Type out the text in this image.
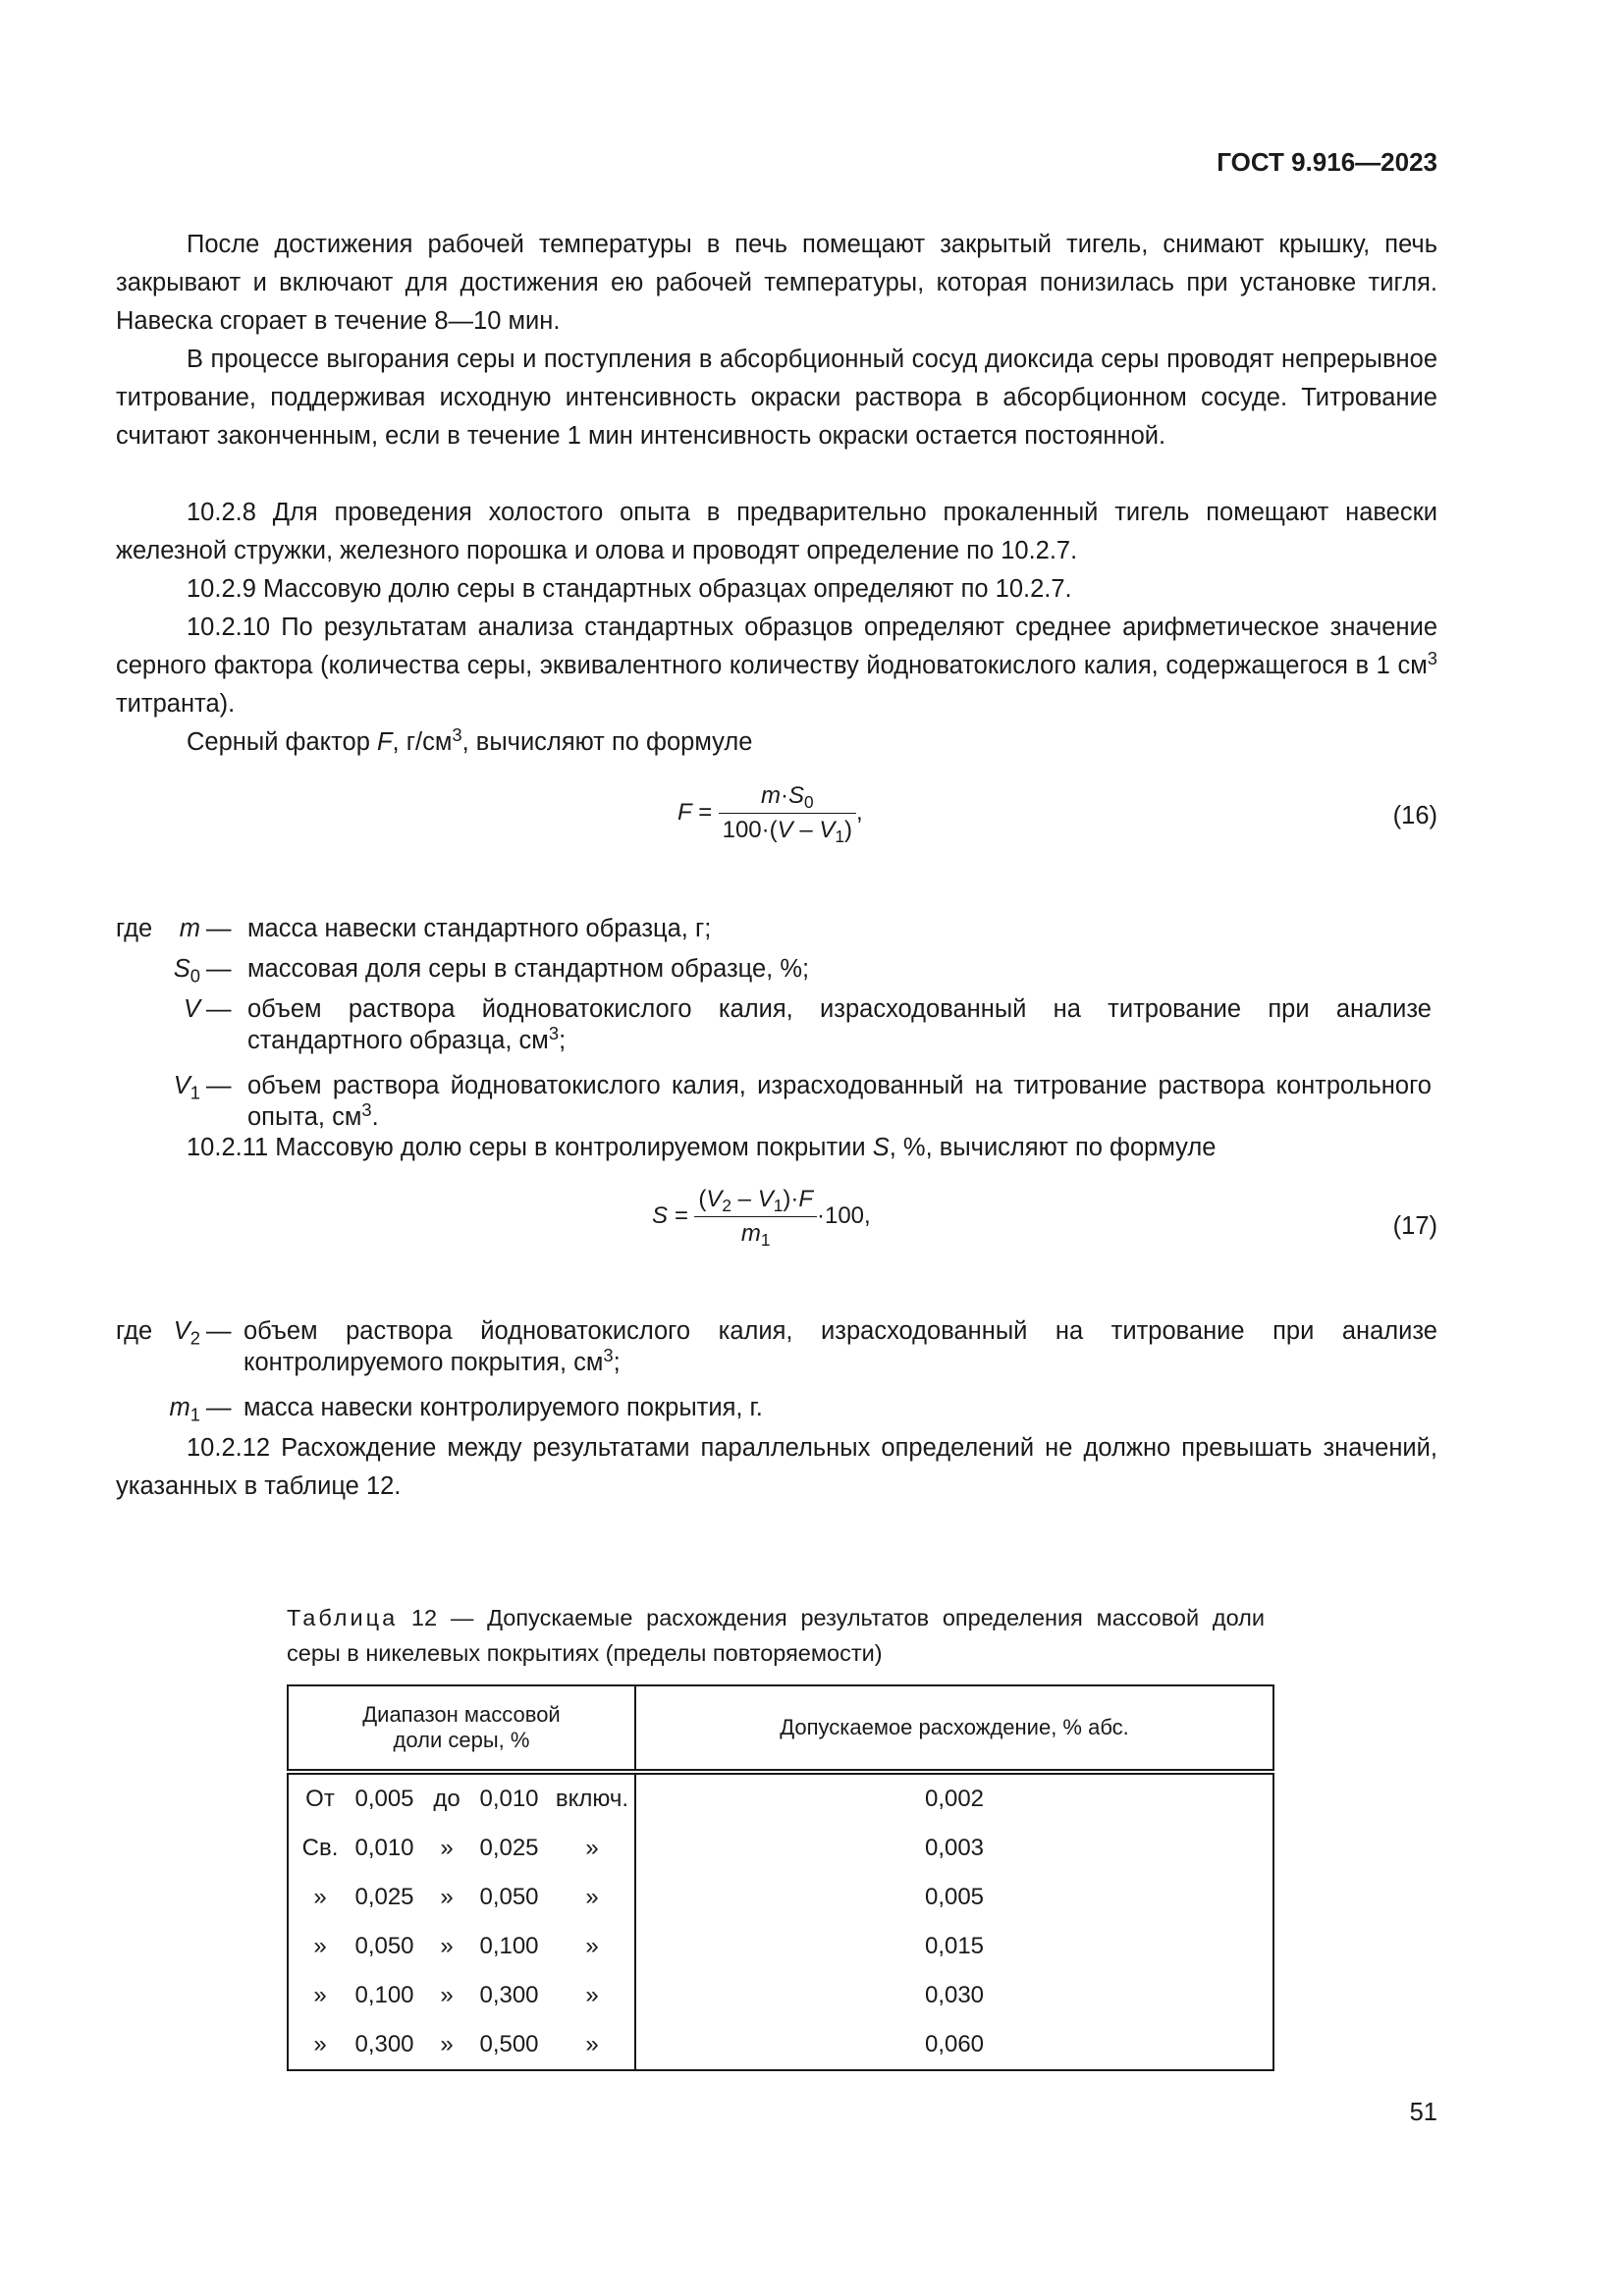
ГОСТ 9.916—2023
После достижения рабочей температуры в печь помещают закрытый тигель, снимают крышку, печь закрывают и включают для достижения ею рабочей температуры, которая понизилась при установке тигля. Навеска сгорает в течение 8—10 мин.
В процессе выгорания серы и поступления в абсорбционный сосуд диоксида серы проводят непрерывное титрование, поддерживая исходную интенсивность окраски раствора в абсорбционном сосуде. Титрование считают законченным, если в течение 1 мин интенсивность окраски остается постоянной.
10.2.8 Для проведения холостого опыта в предварительно прокаленный тигель помещают навески железной стружки, железного порошка и олова и проводят определение по 10.2.7.
10.2.9 Массовую долю серы в стандартных образцах определяют по 10.2.7.
10.2.10 По результатам анализа стандартных образцов определяют среднее арифметическое значение серного фактора (количества серы, эквивалентного количеству йодноватокислого калия, содержащегося в 1 $см^3$ титранта).
Серный фактор F, $г/см^3$, вычисляют по формуле
$F = \frac{m\cdot S_0}{100\cdot(V - V_1)}$ ,	(16)
где	m — масса навески стандартного образца, г;
$S_0$ — массовая доля серы в стандартном образце, %;
V — объем раствора йодноватокислого калия, израсходованный на титрование при анализе стандартного образца, $см^3$;
$V_1$ — объем раствора йодноватокислого калия, израсходованный на титрование раствора контрольного опыта, $см^3$.
10.2.11 Массовую долю серы в контролируемом покрытии S, %, вычисляют по формуле
$S = \frac{(V_2 - V_1)\cdot F}{m_1} \cdot 100$,	(17)
где $V_2$ — объем раствора йодноватокислого калия, израсходованный на титрование при анализе контролируемого покрытия, $см^3$;
$m_1$ — масса навески контролируемого покрытия, г.
10.2.12 Расхождение между результатами параллельных определений не должно превышать значений, указанных в таблице 12.
Таблица 12 — Допускаемые расхождения результатов определения массовой доли серы в никелевых покрытиях (пределы повторяемости)
Диапазон массовой доли серы, %	Допускаемое расхождение, % абс.

От 0,005 до 0,010 включ.	0,002

Св. 0,010 » 0,025 »	0,003

» 0,025 » 0,050 »	0,005

» 0,050 » 0,100 »	0,015

» 0,100 » 0,300 »	0,030

» 0,300 » 0,500 »	0,060
51
